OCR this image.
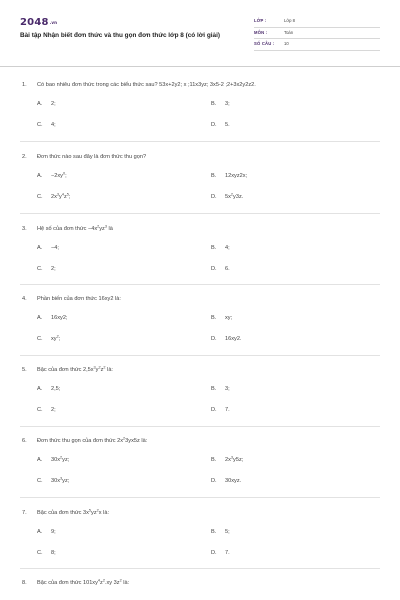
2048.vn
Bài tập Nhận biết đơn thức và thu gọn đơn thức lớp 8 (có lời giải)
LỚP :	Lớp 8
MÔN :	Toán
SỐ CÂU : 10
1. Có bao nhiêu đơn thức trong các biểu thức sau? 53x+2y2; x ;11x3yz; 3x5-2 ;2+3x2y2z2.
A. 2;	B. 3;
C. 4;	D. 5.
2. Đơn thức nào sau đây là đơn thức thu gọn?
A. $-2xy^0$;	B. 12xyz2x;
C. $2x^3y^4z^5$;	D. $5x^2y3z$.
3. Hệ số của đơn thức $-4x^2yz^3$ là
A. −4;	B. 4;
C. 2;	D. 6.
4. Phần biến của đơn thức 16xy2 là:
A. 16xy2;	B. xy;
C. $xy^2$;	D. 16xy2.
5. Bậc của đơn thức $2,5x^3y^2z^2$ là:
A. 2,5;	B. 3;
C. 2;	D. 7.
6. Đơn thức thu gọn của đơn thức $2x^23yx5z$ là:
A. $30x^2yz$;	B. $2x^3y5z$;
C. $30x^3yz$;	D. 30xyz.
7. Bậc của đơn thức $3x^5yz^2x$ là:
A. 9;	B. 5;
C. 8;	D. 7.
8. Bậc của đơn thức $101xy^4z^2.xy$ $3z^2$ là:
